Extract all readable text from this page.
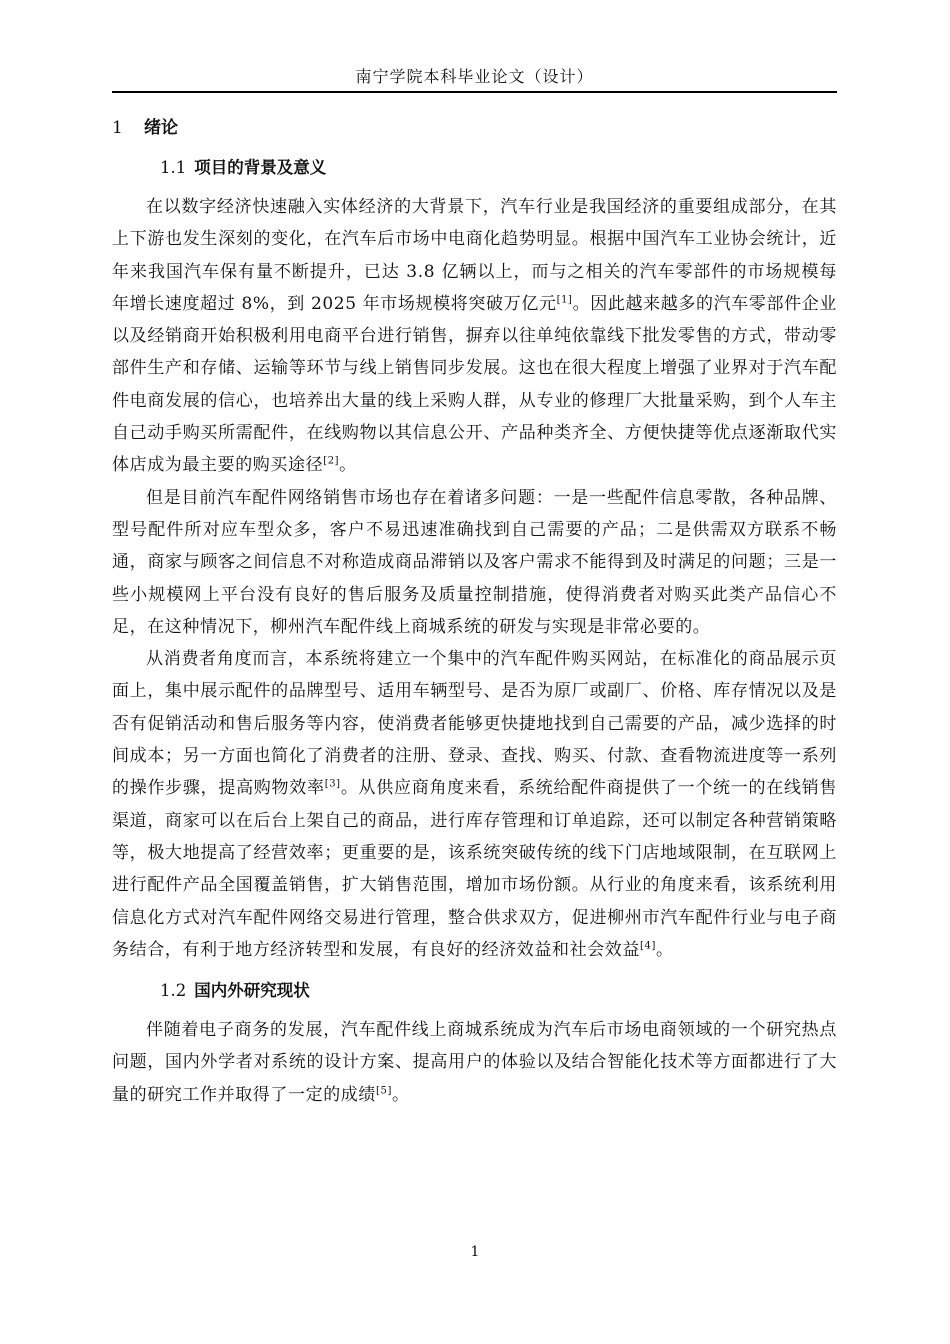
南宁学院本科毕业论文（设计）
1 绪论
1.1 项目的背景及意义

在以数字经济快速融入实体经济的大背景下，汽车行业是我国经济的重要组成部分，在其上下游也发生深刻的变化，在汽车后市场中电商化趋势明显。根据中国汽车工业协会统计，近年来我国汽车保有量不断提升，已达 3.8 亿辆以上，而与之相关的汽车零部件的市场规模每年增长速度超过 8%，到 2025 年市场规模将突破万亿元[1]。因此越来越多的汽车零部件企业以及经销商开始积极利用电商平台进行销售，摒弃以往单纯依靠线下批发零售的方式，带动零部件生产和存储、运输等环节与线上销售同步发展。这也在很大程度上增强了业界对于汽车配件电商发展的信心，也培养出大量的线上采购人群，从专业的修理厂大批量采购，到个人车主自己动手购买所需配件，在线购物以其信息公开、产品种类齐全、方便快捷等优点逐渐取代实体店成为最主要的购买途径[2]。

但是目前汽车配件网络销售市场也存在着诸多问题：一是一些配件信息零散，各种品牌、型号配件所对应车型众多，客户不易迅速准确找到自己需要的产品；二是供需双方联系不畅通，商家与顾客之间信息不对称造成商品滞销以及客户需求不能得到及时满足的问题；三是一些小规模网上平台没有良好的售后服务及质量控制措施，使得消费者对购买此类产品信心不足，在这种情况下，柳州汽车配件线上商城系统的研发与实现是非常必要的。

从消费者角度而言，本系统将建立一个集中的汽车配件购买网站，在标准化的商品展示页面上，集中展示配件的品牌型号、适用车辆型号、是否为原厂或副厂、价格、库存情况以及是否有促销活动和售后服务等内容，使消费者能够更快捷地找到自己需要的产品，减少选择的时间成本；另一方面也简化了消费者的注册、登录、查找、购买、付款、查看物流进度等一系列的操作步骤，提高购物效率[3]。从供应商角度来看，系统给配件商提供了一个统一的在线销售渠道，商家可以在后台上架自己的商品，进行库存管理和订单追踪，还可以制定各种营销策略等，极大地提高了经营效率；更重要的是，该系统突破传统的线下门店地域限制，在互联网上进行配件产品全国覆盖销售，扩大销售范围，增加市场份额。从行业的角度来看，该系统利用信息化方式对汽车配件网络交易进行管理，整合供求双方，促进柳州市汽车配件行业与电子商务结合，有利于地方经济转型和发展，有良好的经济效益和社会效益[4]。

1.2 国内外研究现状

伴随着电子商务的发展，汽车配件线上商城系统成为汽车后市场电商领域的一个研究热点问题，国内外学者对系统的设计方案、提高用户的体验以及结合智能化技术等方面都进行了大量的研究工作并取得了一定的成绩[5]。

1
